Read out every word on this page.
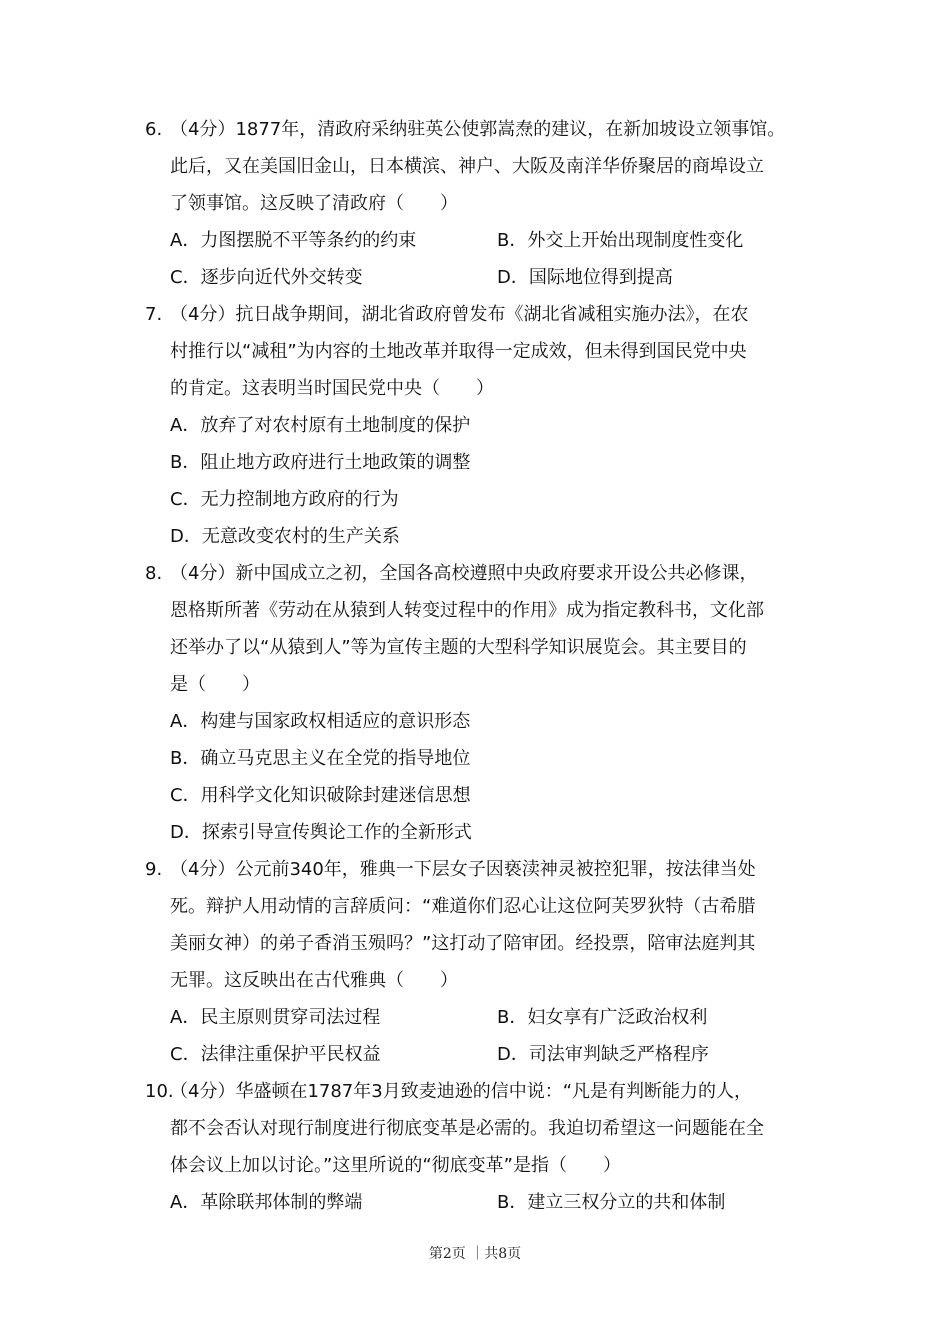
6. （4分）1877年，清政府采纳驻英公使郭嵩焘的建议，在新加坡设立领事馆。
此后，又在美国旧金山，日本横滨、神户、大阪及南洋华侨聚居的商埠设立
了领事馆。这反映了清政府（　　）
A．力图摆脱不平等条约的约束	B．外交上开始出现制度性变化
C．逐步向近代外交转变	D．国际地位得到提高
7. （4分）抗日战争期间，湖北省政府曾发布《湖北省减租实施办法》，在农
村推行以“减租”为内容的土地改革并取得一定成效，但未得到国民党中央
的肯定。这表明当时国民党中央（　　）
A．放弃了对农村原有土地制度的保护
B．阻止地方政府进行土地政策的调整
C．无力控制地方政府的行为
D．无意改变农村的生产关系
8. （4分）新中国成立之初，全国各高校遵照中央政府要求开设公共必修课，
恩格斯所著《劳动在从猿到人转变过程中的作用》成为指定教科书，文化部
还举办了以“从猿到人”等为宣传主题的大型科学知识展览会。其主要目的
是（　　）
A．构建与国家政权相适应的意识形态
B．确立马克思主义在全党的指导地位
C．用科学文化知识破除封建迷信思想
D．探索引导宣传舆论工作的全新形式
9. （4分）公元前340年，雅典一下层女子因亵渎神灵被控犯罪，按法律当处
死。辩护人用动情的言辞质问：“难道你们忍心让这位阿芙罗狄特（古希腊
美丽女神）的弟子香消玉殒吗？”这打动了陪审团。经投票，陪审法庭判其
无罪。这反映出在古代雅典（　　）
A．民主原则贯穿司法过程	B．妇女享有广泛政治权利
C．法律注重保护平民权益	D．司法审判缺乏严格程序
10.
（4分）华盛顿在1787年3月致麦迪逊的信中说：“凡是有判断能力的人，
都不会否认对现行制度进行彻底变革是必需的。我迫切希望这一问题能在全
体会议上加以讨论。”这里所说的“彻底变革”是指（　　）
A．革除联邦体制的弊端	B．建立三权分立的共和体制
第2页 ｜共8页
